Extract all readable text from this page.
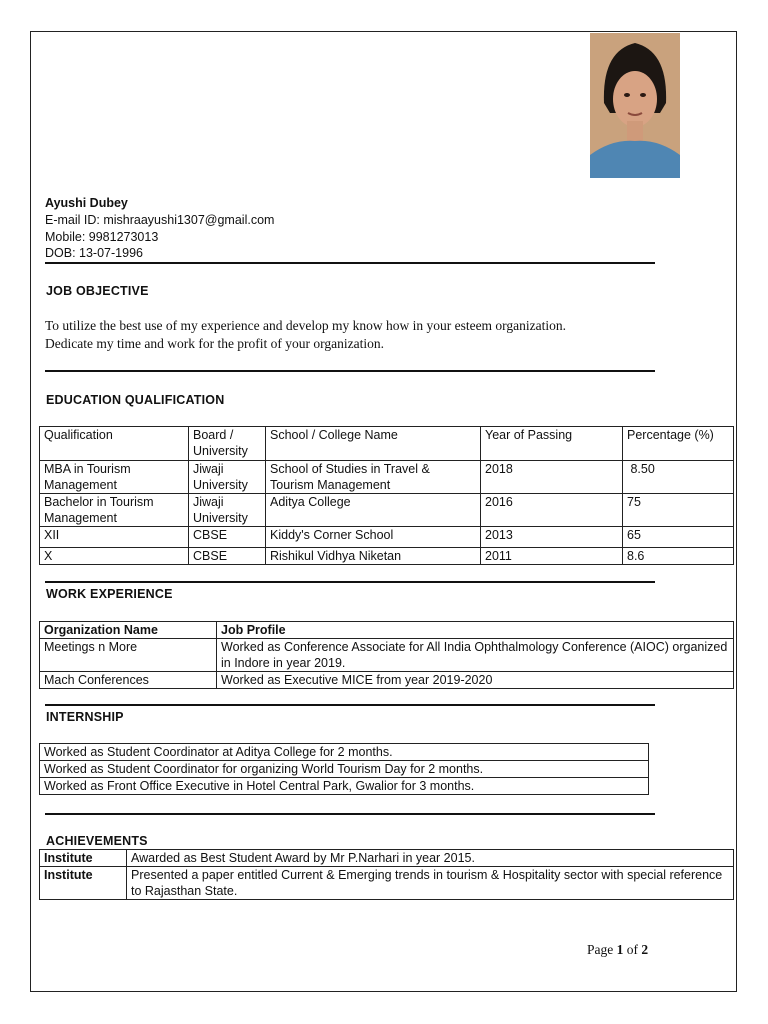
Ayushi Dubey
E-mail ID: mishraayushi1307@gmail.com
Mobile: 9981273013
DOB: 13-07-1996
JOB OBJECTIVE
To utilize the best use of my experience and develop my know how in your esteem organization.
Dedicate my time and work for the profit of your organization.
EDUCATION QUALIFICATION
Qualification	Board / University	School / College Name	Year of Passing	Percentage (%)
MBA in Tourism Management	Jiwaji University	School of Studies in Travel & Tourism Management	2018	8.50
Bachelor in Tourism Management	Jiwaji University	Aditya College	2016	75
XII	CBSE	Kiddy's Corner School	2013	65
X	CBSE	Rishikul Vidhya Niketan	2011	8.6
WORK EXPERIENCE
Organization Name	Job Profile
Meetings n More	Worked as Conference Associate for All India Ophthalmology Conference (AIOC) organized in Indore in year 2019.
Mach Conferences	Worked as Executive MICE from year 2019-2020
INTERNSHIP
Worked as Student Coordinator at Aditya College for 2 months.
Worked as Student Coordinator for organizing World Tourism Day for 2 months.
Worked as Front Office Executive in Hotel Central Park, Gwalior for 3 months.
ACHIEVEMENTS
Institute	Awarded as Best Student Award by Mr P.Narhari in year 2015.
Institute	Presented a paper entitled Current & Emerging trends in tourism & Hospitality sector with special reference to Rajasthan State.
Page 1 of 2
